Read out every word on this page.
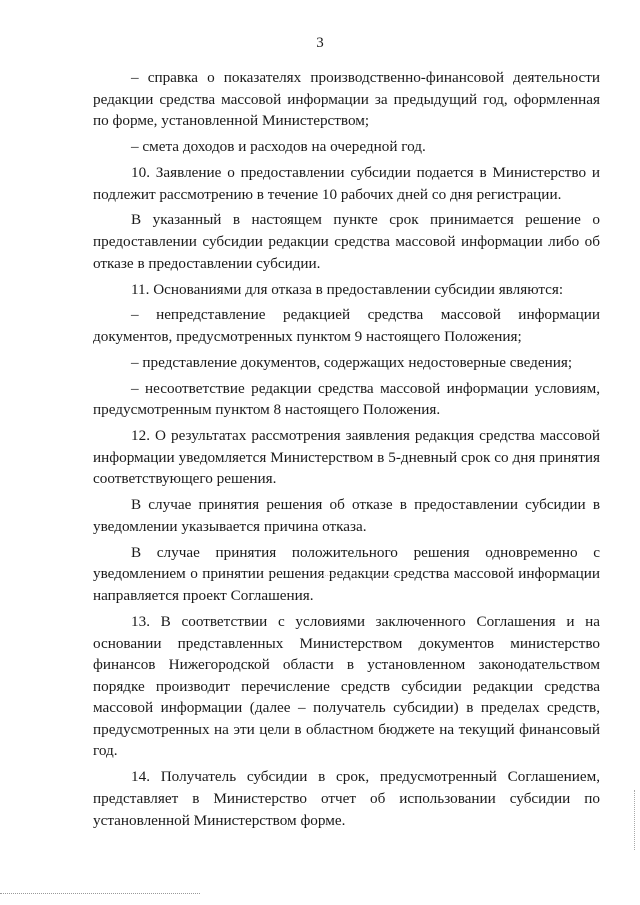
3

– справка о показателях производственно-финансовой деятельности редакции средства массовой информации за предыдущий год, оформленная по форме, установленной Министерством;

– смета доходов и расходов на очередной год.

10. Заявление о предоставлении субсидии подается в Министерство и подлежит рассмотрению в течение 10 рабочих дней со дня регистрации.

В указанный в настоящем пункте срок принимается решение о предоставлении субсидии редакции средства массовой информации либо об отказе в предоставлении субсидии.

11. Основаниями для отказа в предоставлении субсидии являются:

– непредставление редакцией средства массовой информации документов, предусмотренных пунктом 9 настоящего Положения;

– представление документов, содержащих недостоверные сведения;

– несоответствие редакции средства массовой информации условиям, предусмотренным пунктом 8 настоящего Положения.

12. О результатах рассмотрения заявления редакция средства массовой информации уведомляется Министерством в 5-дневный срок со дня принятия соответствующего решения.

В случае принятия решения об отказе в предоставлении субсидии в уведомлении указывается причина отказа.

В случае принятия положительного решения одновременно с уведомлением о принятии решения редакции средства массовой информации направляется проект Соглашения.

13. В соответствии с условиями заключенного Соглашения и на основании представленных Министерством документов министерство финансов Нижегородской области в установленном законодательством порядке производит перечисление средств субсидии редакции средства массовой информации (далее – получатель субсидии) в пределах средств, предусмотренных на эти цели в областном бюджете на текущий финансовый год.

14. Получатель субсидии в срок, предусмотренный Соглашением, представляет в Министерство отчет об использовании субсидии по установленной Министерством форме.
